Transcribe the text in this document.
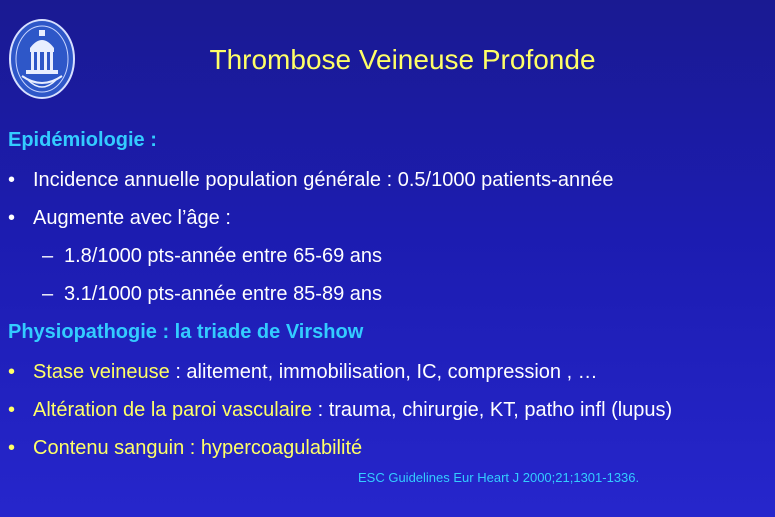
Thrombose Veineuse Profonde
Epidémiologie :
• Incidence annuelle population générale : 0.5/1000 patients-année
• Augmente avec l’âge :
– 1.8/1000 pts-année entre 65-69 ans
– 3.1/1000 pts-année entre 85-89 ans
Physiopathogie : la triade de Virshow
• Stase veineuse : alitement, immobilisation, IC, compression , …
• Altération de la paroi vasculaire : trauma, chirurgie, KT, patho infl (lupus)
• Contenu sanguin : hypercoagulabilité
ESC Guidelines Eur Heart J 2000;21;1301-1336.
